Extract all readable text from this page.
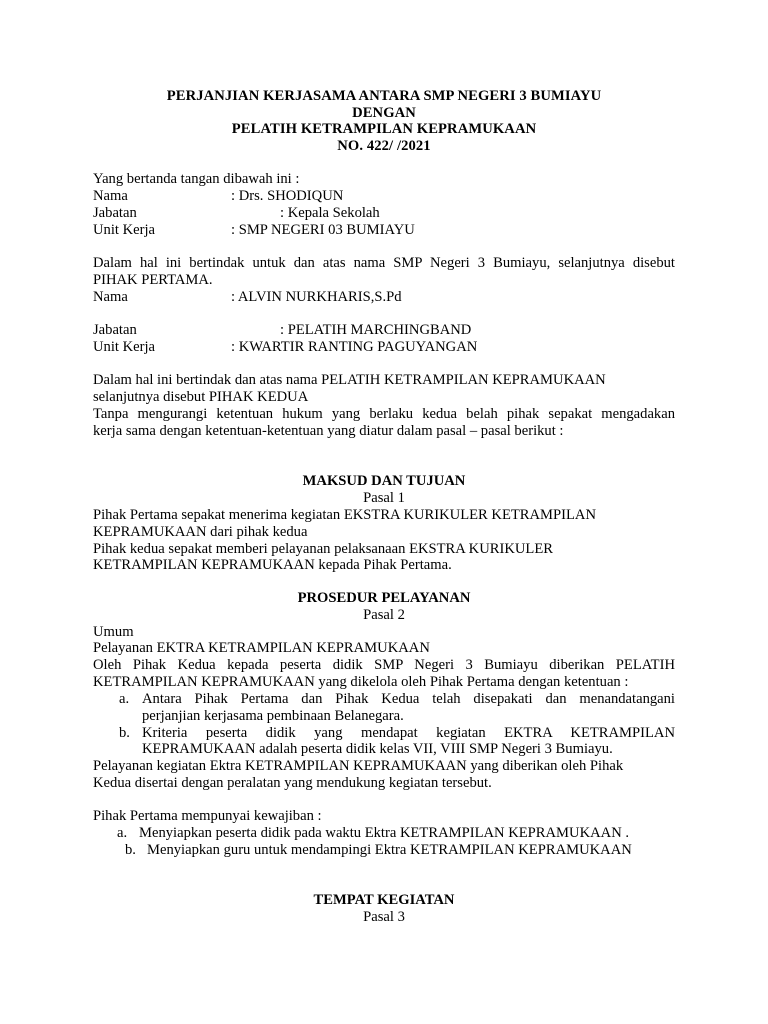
PERJANJIAN KERJASAMA ANTARA SMP NEGERI 3 BUMIAYU
DENGAN
PELATIH KETRAMPILAN KEPRAMUKAAN
NO. 422/ /2021
Yang bertanda tangan dibawah ini :
Nama	: Drs. SHODIQUN
Jabatan	: Kepala Sekolah
Unit Kerja	: SMP NEGERI 03 BUMIAYU
Dalam hal ini bertindak untuk dan atas nama SMP Negeri 3 Bumiayu, selanjutnya disebut
PIHAK PERTAMA.
Nama	: ALVIN NURKHARIS,S.Pd
Jabatan	: PELATIH MARCHINGBAND
Unit Kerja	: KWARTIR RANTING PAGUYANGAN
Dalam hal ini bertindak dan atas nama PELATIH KETRAMPILAN KEPRAMUKAAN
selanjutnya disebut PIHAK KEDUA
Tanpa mengurangi ketentuan hukum yang berlaku kedua belah pihak sepakat mengadakan
kerja sama dengan ketentuan-ketentuan yang diatur dalam pasal – pasal berikut :
MAKSUD DAN TUJUAN
Pasal 1
Pihak Pertama sepakat menerima kegiatan EKSTRA KURIKULER KETRAMPILAN
KEPRAMUKAAN dari pihak kedua
Pihak kedua sepakat memberi pelayanan pelaksanaan EKSTRA KURIKULER
KETRAMPILAN KEPRAMUKAAN kepada Pihak Pertama.
PROSEDUR PELAYANAN
Pasal 2
Umum
Pelayanan EKTRA KETRAMPILAN KEPRAMUKAAN
Oleh Pihak Kedua kepada peserta didik SMP Negeri 3 Bumiayu diberikan PELATIH
KETRAMPILAN KEPRAMUKAAN yang dikelola oleh Pihak Pertama dengan ketentuan :
a. Antara Pihak Pertama dan Pihak Kedua telah disepakati dan menandatangani
perjanjian kerjasama pembinaan Belanegara.
b. Kriteria peserta didik yang mendapat kegiatan EKTRA KETRAMPILAN
KEPRAMUKAAN adalah peserta didik kelas VII, VIII SMP Negeri 3 Bumiayu.
Pelayanan kegiatan Ektra KETRAMPILAN KEPRAMUKAAN yang diberikan oleh Pihak
Kedua disertai dengan peralatan yang mendukung kegiatan tersebut.
Pihak Pertama mempunyai kewajiban :
a. Menyiapkan peserta didik pada waktu Ektra KETRAMPILAN KEPRAMUKAAN .
b. Menyiapkan guru untuk mendampingi Ektra KETRAMPILAN KEPRAMUKAAN
TEMPAT KEGIATAN
Pasal 3
